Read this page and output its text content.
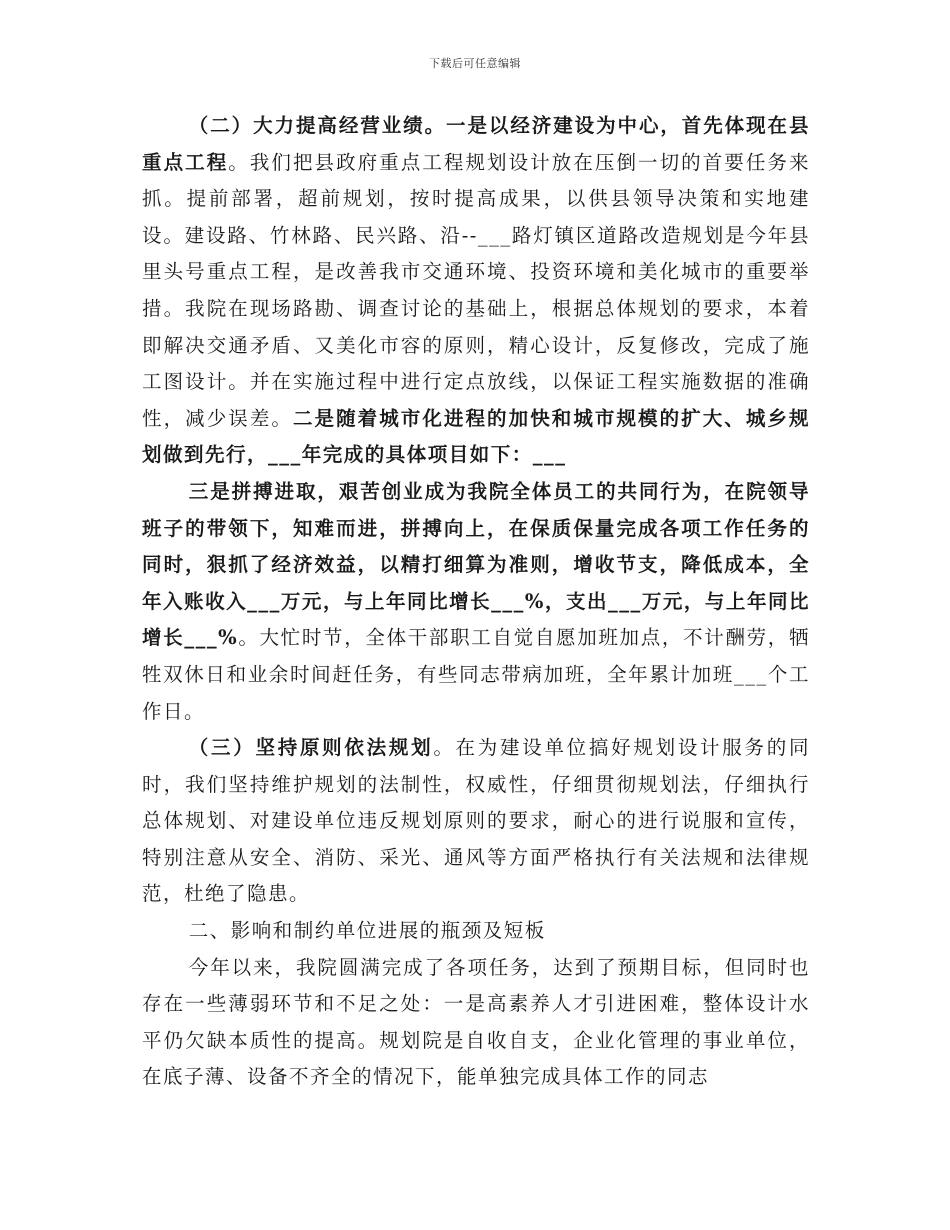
下载后可任意编辑

（二）大力提高经营业绩。一是以经济建设为中心，首先体现在县重点工程。我们把县政府重点工程规划设计放在压倒一切的首要任务来抓。提前部署，超前规划，按时提高成果，以供县领导决策和实地建设。建设路、竹林路、民兴路、沿--___路灯镇区道路改造规划是今年县里头号重点工程，是改善我市交通环境、投资环境和美化城市的重要举措。我院在现场路勘、调查讨论的基础上，根据总体规划的要求，本着即解决交通矛盾、又美化市容的原则，精心设计，反复修改，完成了施工图设计。并在实施过程中进行定点放线，以保证工程实施数据的准确性，减少误差。二是随着城市化进程的加快和城市规模的扩大、城乡规划做到先行，___年完成的具体项目如下：___

三是拼搏进取，艰苦创业成为我院全体员工的共同行为，在院领导班子的带领下，知难而进，拼搏向上，在保质保量完成各项工作任务的同时，狠抓了经济效益，以精打细算为准则，增收节支，降低成本，全年入账收入___万元，与上年同比增长___%，支出___万元，与上年同比增长___%。大忙时节，全体干部职工自觉自愿加班加点，不计酬劳，牺牲双休日和业余时间赶任务，有些同志带病加班，全年累计加班___个工作日。

（三）坚持原则依法规划。在为建设单位搞好规划设计服务的同时，我们坚持维护规划的法制性，权威性，仔细贯彻规划法，仔细执行总体规划、对建设单位违反规划原则的要求，耐心的进行说服和宣传，特别注意从安全、消防、采光、通风等方面严格执行有关法规和法律规范，杜绝了隐患。

二、影响和制约单位进展的瓶颈及短板

今年以来，我院圆满完成了各项任务，达到了预期目标，但同时也存在一些薄弱环节和不足之处：一是高素养人才引进困难，整体设计水平仍欠缺本质性的提高。规划院是自收自支，企业化管理的事业单位，在底子薄、设备不齐全的情况下，能单独完成具体工作的同志
